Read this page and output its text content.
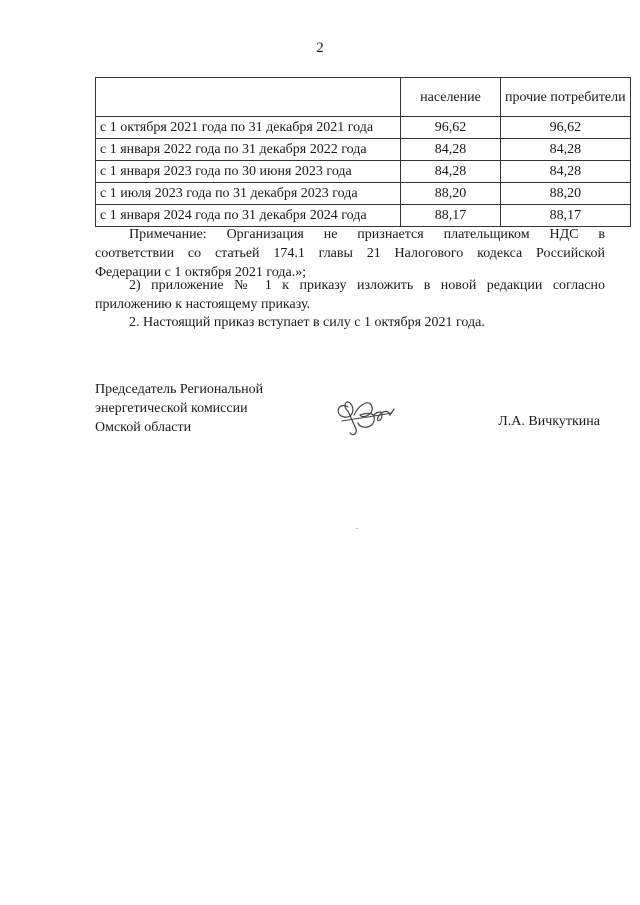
2
	население	прочие потребители
с 1 октября 2021 года по 31 декабря 2021 года	96,62	96,62
с 1 января 2022 года по 31 декабря 2022 года	84,28	84,28
с 1 января 2023 года по 30 июня 2023 года	84,28	84,28
с 1 июля 2023 года по 31 декабря 2023 года	88,20	88,20
с 1 января 2024 года по 31 декабря 2024 года	88,17	88,17
Примечание: Организация не признается плательщиком НДС в
соответствии со статьей 174.1 главы 21 Налогового кодекса Российской
Федерации с 1 октября 2021 года.»;
2) приложение № 1 к приказу изложить в новой редакции согласно
приложению к настоящему приказу.
2. Настоящий приказ вступает в силу с 1 октября 2021 года.
Председатель Региональной
энергетической комиссии
Омской области	Л.А. Вичкуткина
